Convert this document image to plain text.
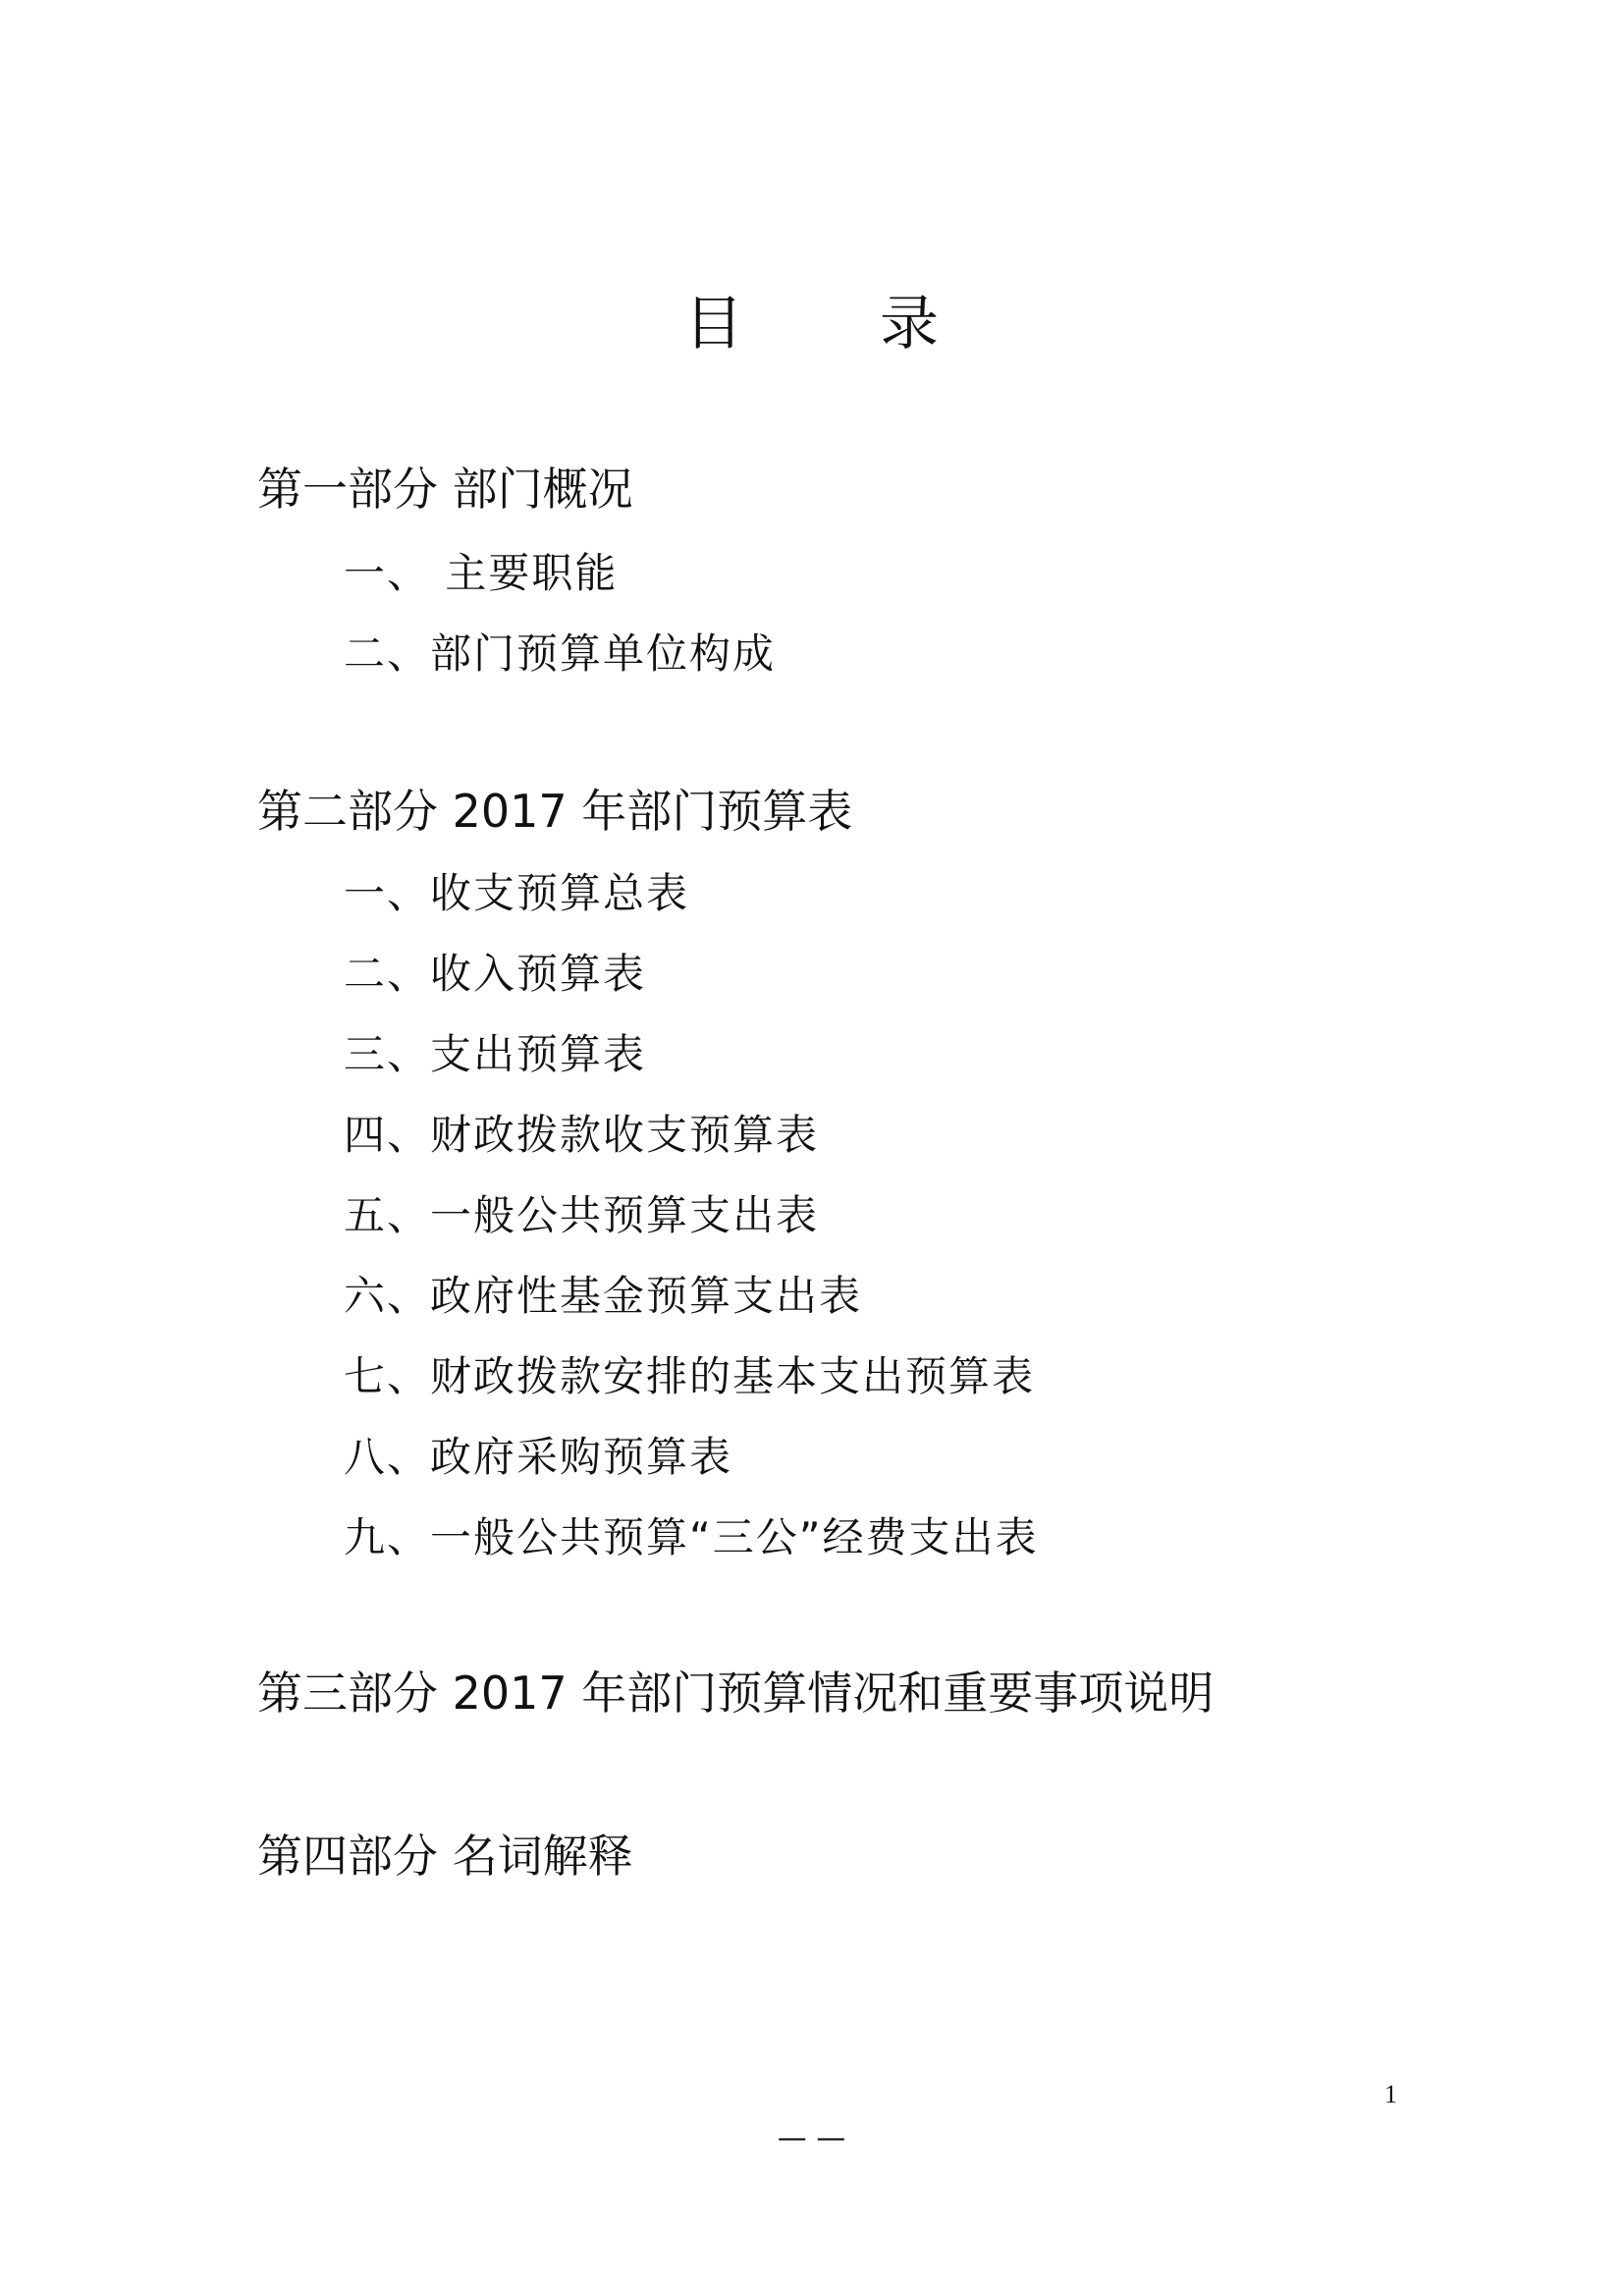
目 录
第一部分 部门概况
一、 主要职能
二、部门预算单位构成
第二部分 2017 年部门预算表
一、收支预算总表
二、收入预算表
三、支出预算表
四、财政拨款收支预算表
五、一般公共预算支出表
六、政府性基金预算支出表
七、财政拨款安排的基本支出预算表
八、政府采购预算表
九、一般公共预算“三公”经费支出表
第三部分 2017 年部门预算情况和重要事项说明
第四部分 名词解释
1
— —
